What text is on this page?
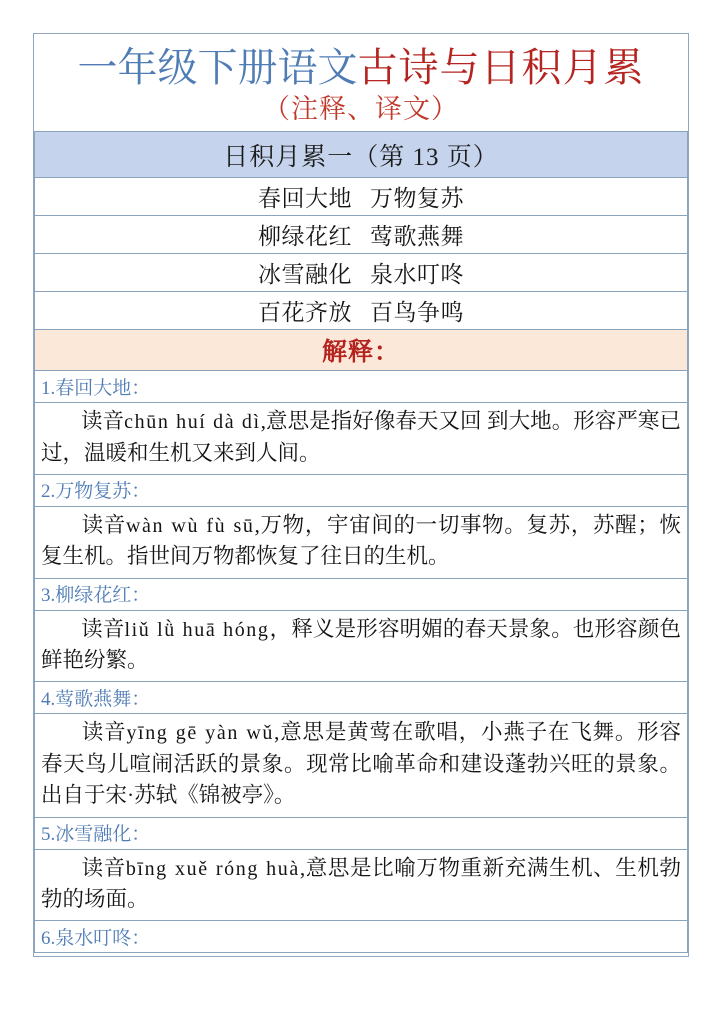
一年级下册语文古诗与日积月累
（注释、译文）
日积月累一（第 13 页）
春回大地 万物复苏
柳绿花红 莺歌燕舞
冰雪融化 泉水叮咚
百花齐放 百鸟争鸣
解释：
1.春回大地：

读音chūn huí dà dì,意思是指好像春天又回 到大地。形容严寒已过，温暖和生机又来到人间。

2.万物复苏：

读音wàn wù fù sū,万物，宇宙间的一切事物。复苏，苏醒；恢复生机。指世间万物都恢复了往日的生机。

3.柳绿花红：

读音liǔ lǜ huā hóng，释义是形容明媚的春天景象。也形容颜色鲜艳纷繁。

4.莺歌燕舞：

读音yīng gē yàn wǔ,意思是黄莺在歌唱，小燕子在飞舞。形容春天鸟儿喧闹活跃的景象。现常比喻革命和建设蓬勃兴旺的景象。出自于宋·苏轼《锦被亭》。

5.冰雪融化：

读音bīng xuě róng huà,意思是比喻万物重新充满生机、生机勃勃的场面。

6.泉水叮咚：
